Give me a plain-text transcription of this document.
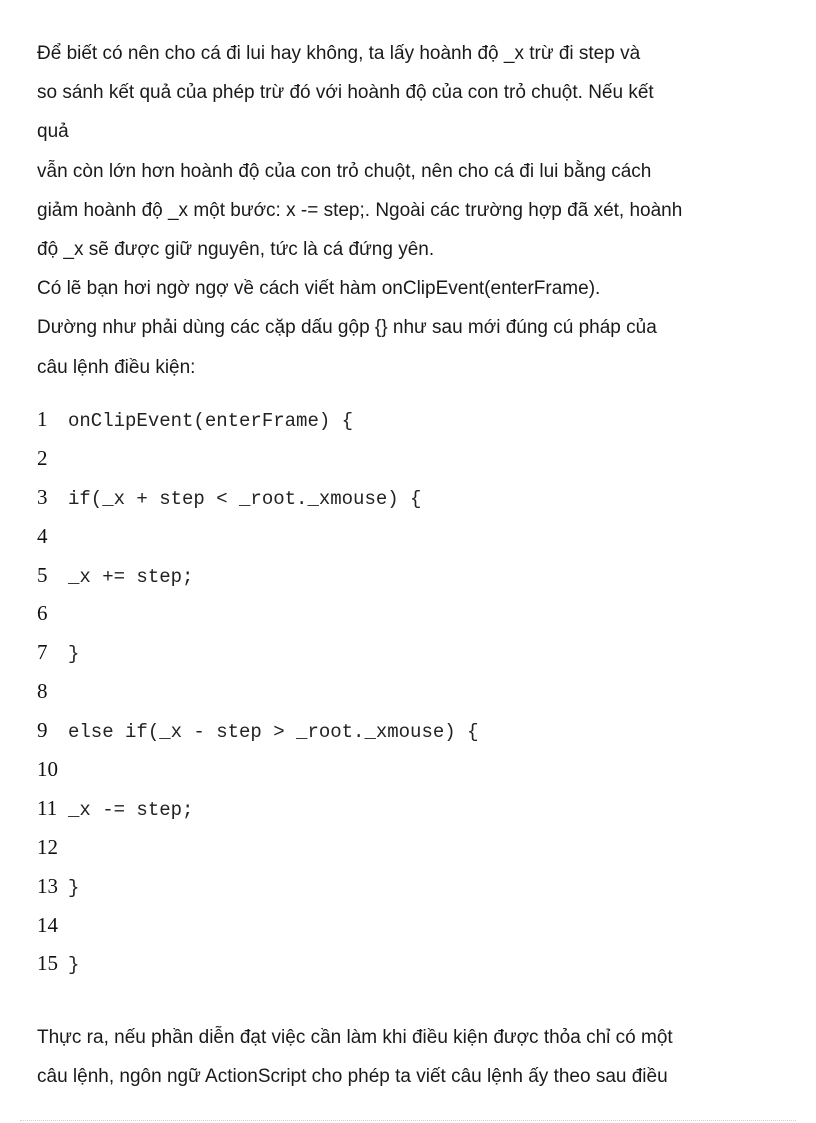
Để biết có nên cho cá đi lui hay không, ta lấy hoành độ _x trừ đi step và
so sánh kết quả của phép trừ đó với hoành độ của con trỏ chuột. Nếu kết
quả
vẫn còn lớn hơn hoành độ của con trỏ chuột, nên cho cá đi lui bằng cách
giảm hoành độ _x một bước: x -= step;. Ngoài các trường hợp đã xét, hoành
độ _x sẽ được giữ nguyên, tức là cá đứng yên.
Có lẽ bạn hơi ngờ ngợ về cách viết hàm onClipEvent(enterFrame).
Dường như phải dùng các cặp dấu gộp {} như sau mới đúng cú pháp của
câu lệnh điều kiện:

1 onClipEvent(enterFrame) {
2
3 if(_x + step < _root._xmouse) {
4
5 _x += step;
6
7 }
8
9 else if(_x - step > _root._xmouse) {
10
11 _x -= step;
12
13 }
14
15 }

Thực ra, nếu phần diễn đạt việc cần làm khi điều kiện được thỏa chỉ có một
câu lệnh, ngôn ngữ ActionScript cho phép ta viết câu lệnh ấy theo sau điều
